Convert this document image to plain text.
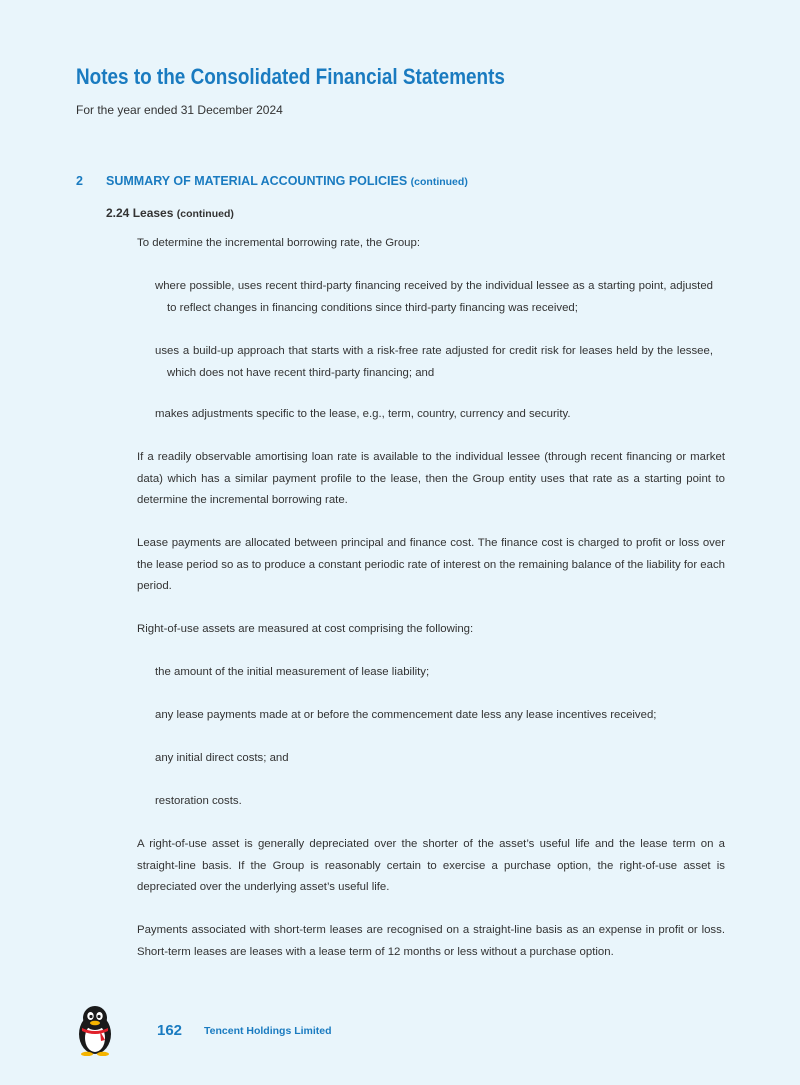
Notes to the Consolidated Financial Statements
For the year ended 31 December 2024
2 SUMMARY OF MATERIAL ACCOUNTING POLICIES (continued)
2.24 Leases (continued)

To determine the incremental borrowing rate, the Group:

where possible, uses recent third-party financing received by the individual lessee as a starting point, adjusted to reflect changes in financing conditions since third-party financing was received;

uses a build-up approach that starts with a risk-free rate adjusted for credit risk for leases held by the lessee, which does not have recent third-party financing; and

makes adjustments specific to the lease, e.g., term, country, currency and security.

If a readily observable amortising loan rate is available to the individual lessee (through recent financing or market data) which has a similar payment profile to the lease, then the Group entity uses that rate as a starting point to determine the incremental borrowing rate.

Lease payments are allocated between principal and finance cost. The finance cost is charged to profit or loss over the lease period so as to produce a constant periodic rate of interest on the remaining balance of the liability for each period.

Right-of-use assets are measured at cost comprising the following:

the amount of the initial measurement of lease liability;

any lease payments made at or before the commencement date less any lease incentives received;

any initial direct costs; and

restoration costs.

A right-of-use asset is generally depreciated over the shorter of the asset’s useful life and the lease term on a straight-line basis. If the Group is reasonably certain to exercise a purchase option, the right-of-use asset is depreciated over the underlying asset’s useful life.

Payments associated with short-term leases are recognised on a straight-line basis as an expense in profit or loss. Short-term leases are leases with a lease term of 12 months or less without a purchase option.

162 Tencent Holdings Limited
